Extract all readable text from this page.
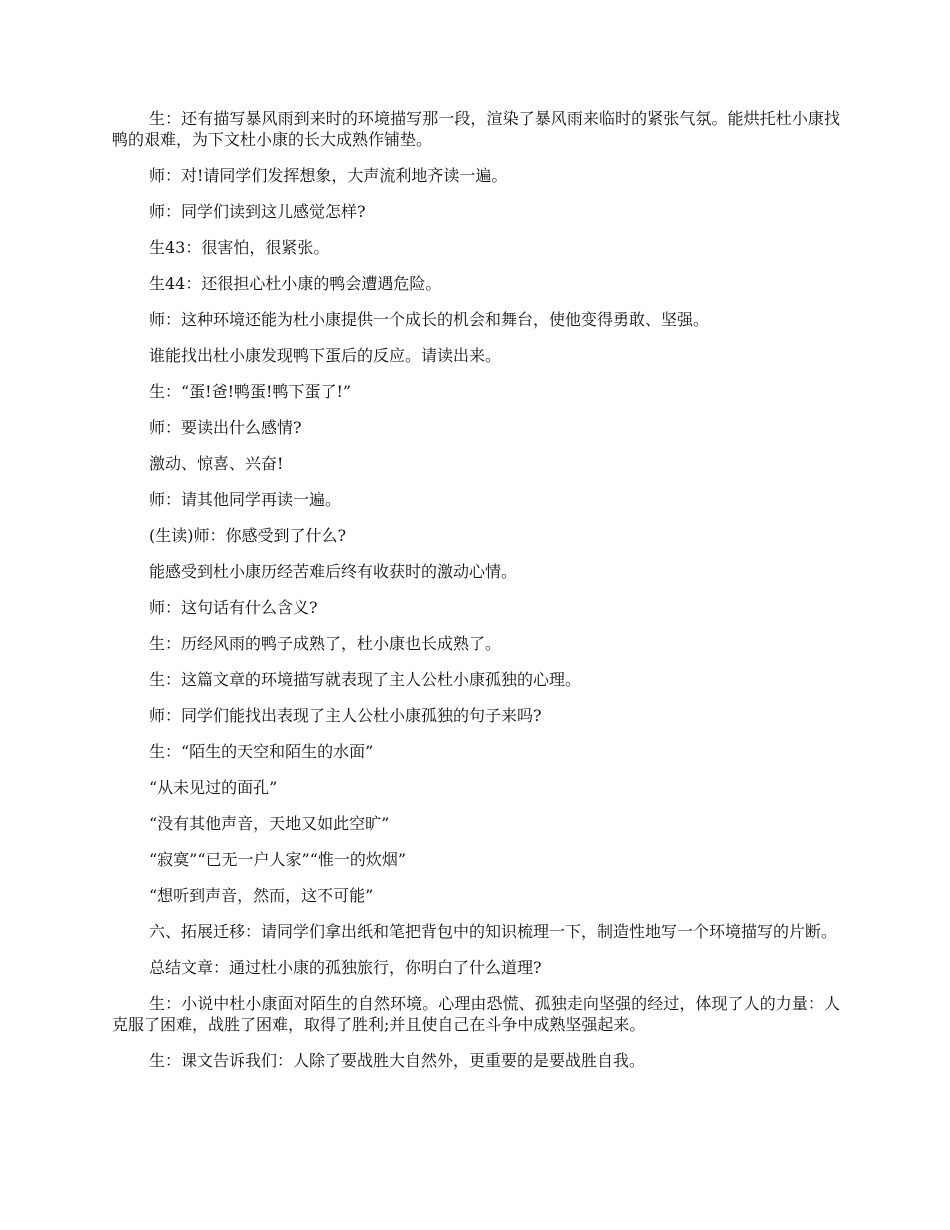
生：还有描写暴风雨到来时的环境描写那一段，渲染了暴风雨来临时的紧张气氛。能烘托杜小康找鸭的艰难，为下文杜小康的长大成熟作铺垫。

师：对!请同学们发挥想象，大声流利地齐读一遍。

师：同学们读到这儿感觉怎样?

生43：很害怕，很紧张。

生44：还很担心杜小康的鸭会遭遇危险。

师：这种环境还能为杜小康提供一个成长的机会和舞台，使他变得勇敢、坚强。

谁能找出杜小康发现鸭下蛋后的反应。请读出来。

生：“蛋!爸!鸭蛋!鸭下蛋了!”

师：要读出什么感情?

激动、惊喜、兴奋!

师：请其他同学再读一遍。

(生读)师：你感受到了什么?

能感受到杜小康历经苦难后终有收获时的激动心情。

师：这句话有什么含义?

生：历经风雨的鸭子成熟了，杜小康也长成熟了。

生：这篇文章的环境描写就表现了主人公杜小康孤独的心理。

师：同学们能找出表现了主人公杜小康孤独的句子来吗?

生：“陌生的天空和陌生的水面”

“从未见过的面孔”

“没有其他声音，天地又如此空旷”

“寂寞”“已无一户人家”“惟一的炊烟”

“想听到声音，然而，这不可能”

六、拓展迁移：请同学们拿出纸和笔把背包中的知识梳理一下，制造性地写一个环境描写的片断。

总结文章：通过杜小康的孤独旅行，你明白了什么道理?

生：小说中杜小康面对陌生的自然环境。心理由恐慌、孤独走向坚强的经过，体现了人的力量：人克服了困难，战胜了困难，取得了胜利;并且使自己在斗争中成熟坚强起来。

生：课文告诉我们：人除了要战胜大自然外，更重要的是要战胜自我。
